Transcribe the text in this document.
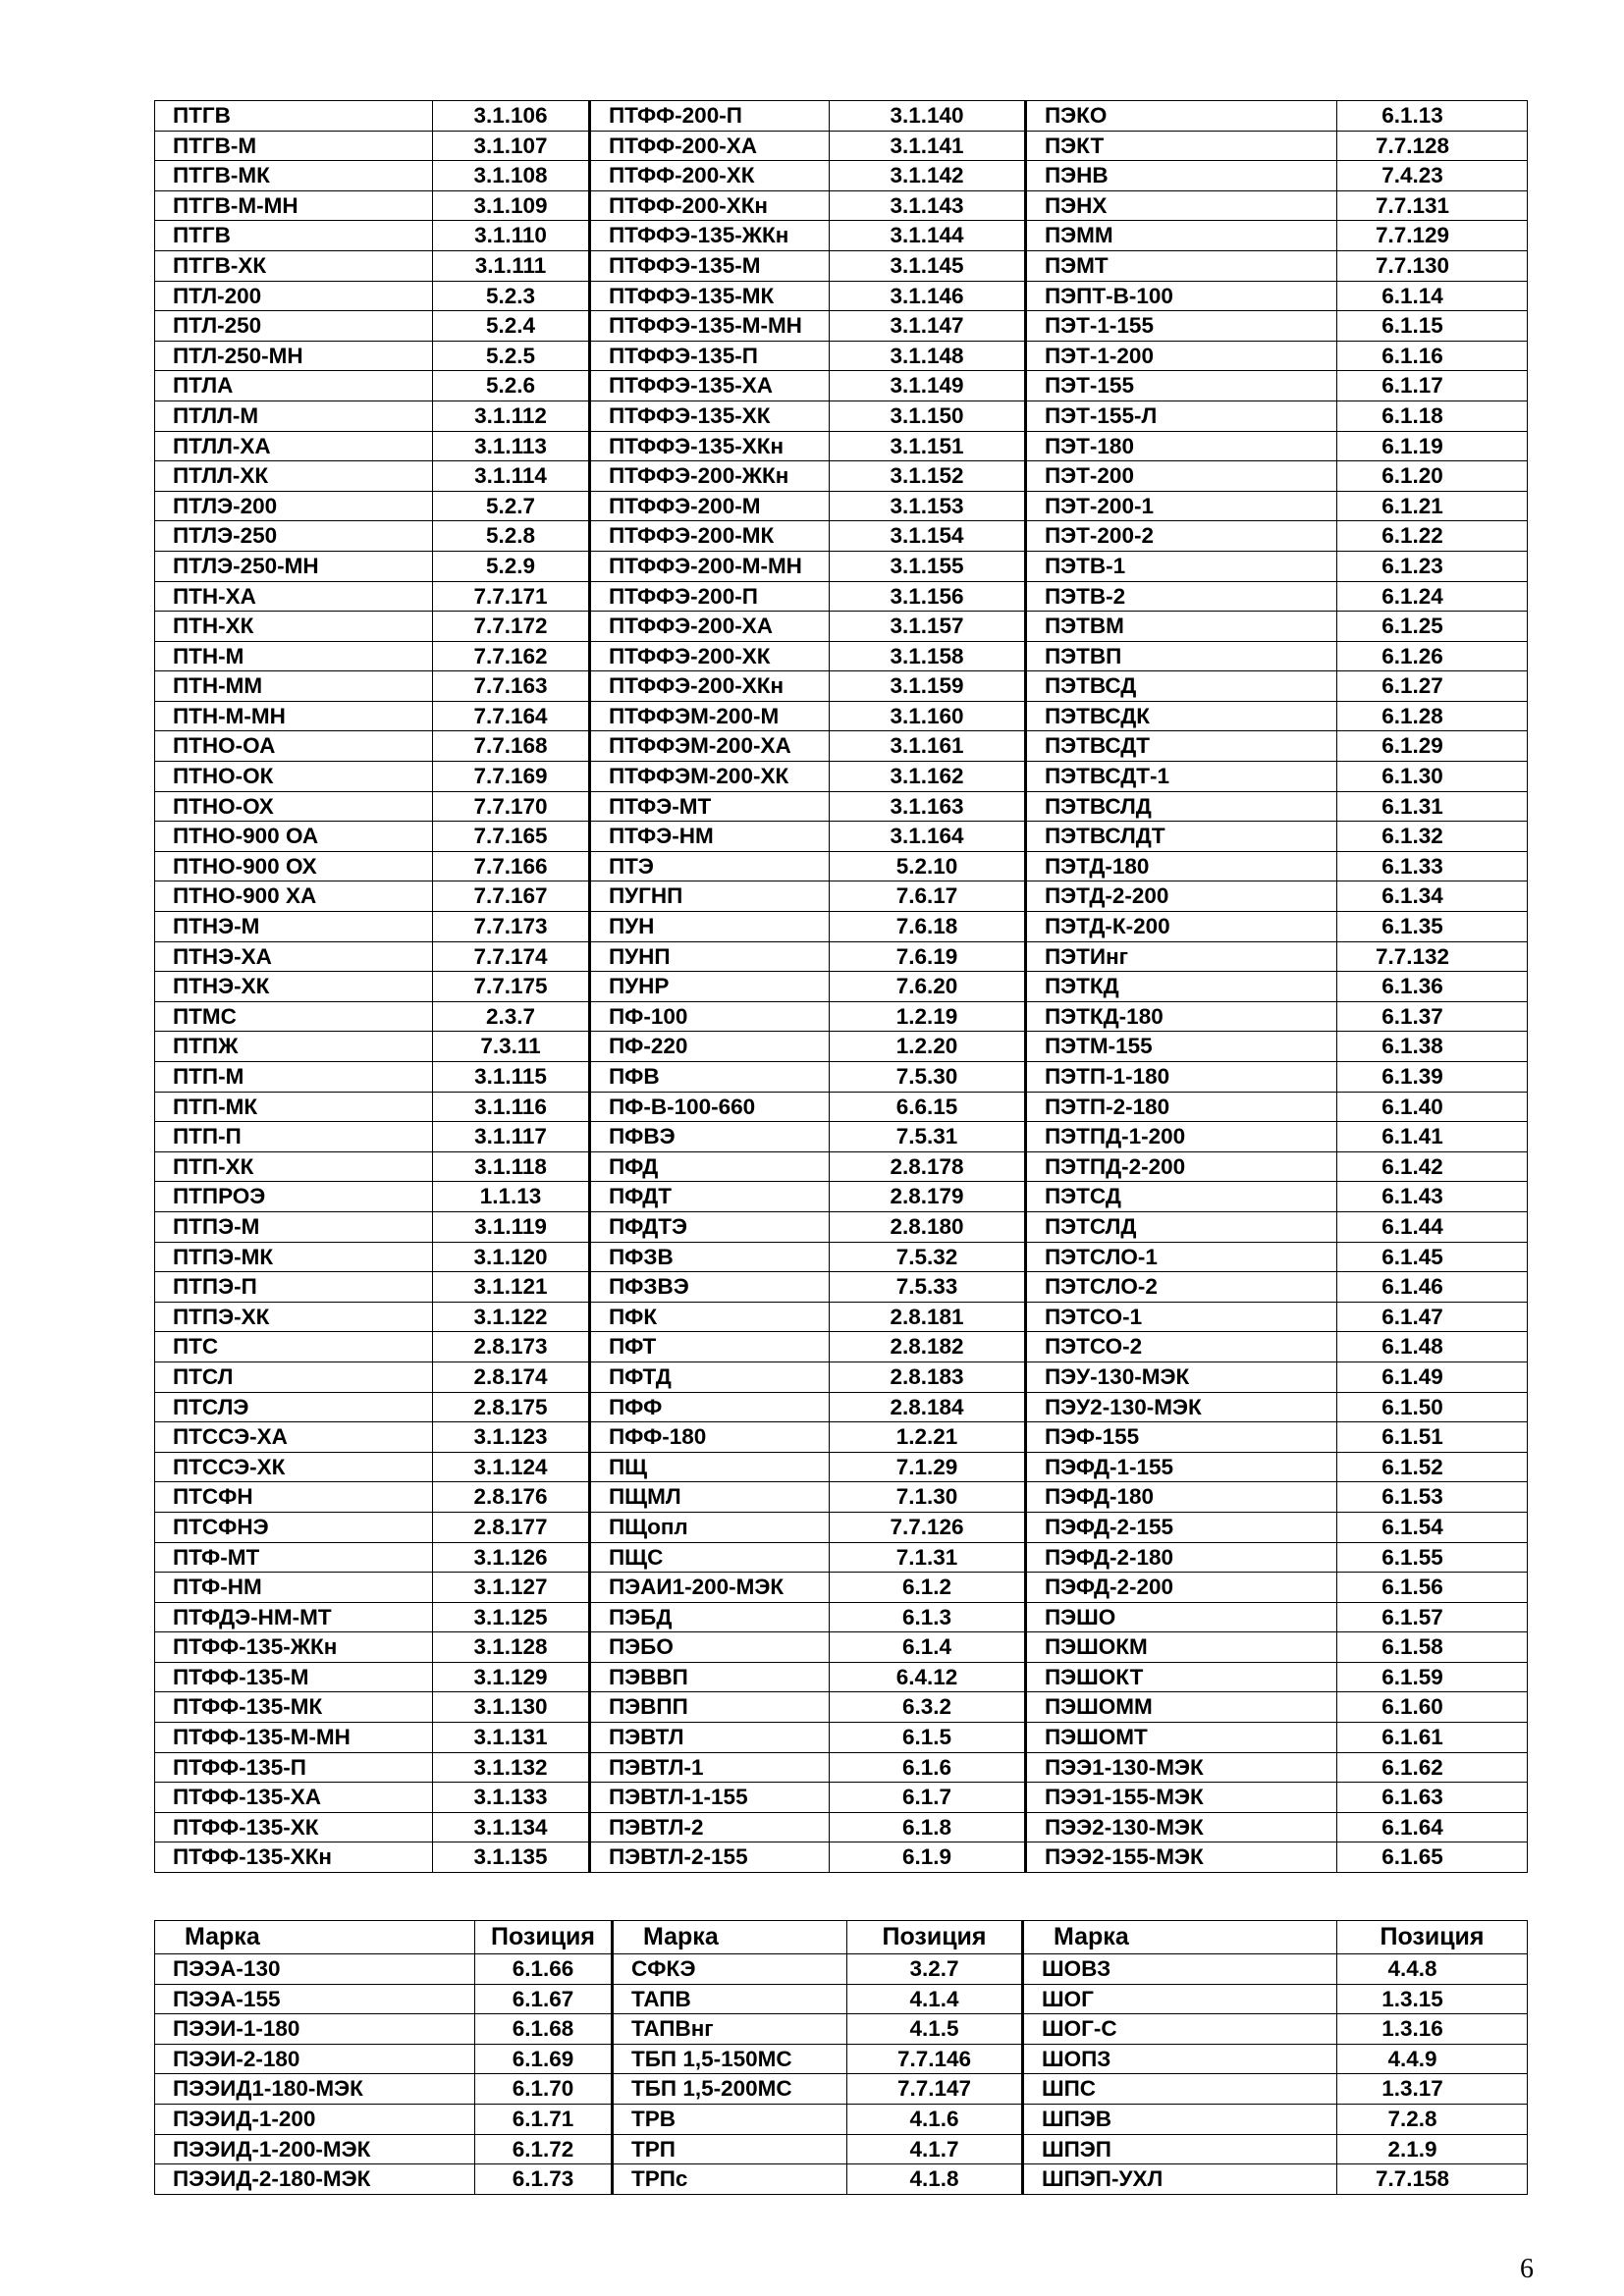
ПТГВ	3.1.106	ПТФФ-200-П	3.1.140	ПЭКО	6.1.13
ПТГВ-М	3.1.107	ПТФФ-200-ХА	3.1.141	ПЭКТ	7.7.128
ПТГВ-МК	3.1.108	ПТФФ-200-ХК	3.1.142	ПЭНВ	7.4.23
ПТГВ-М-МН	3.1.109	ПТФФ-200-ХКн	3.1.143	ПЭНХ	7.7.131
ПТГВ	3.1.110	ПТФФЭ-135-ЖКн	3.1.144	ПЭММ	7.7.129
ПТГВ-ХК	3.1.111	ПТФФЭ-135-М	3.1.145	ПЭМТ	7.7.130
ПТЛ-200	5.2.3	ПТФФЭ-135-МК	3.1.146	ПЭПТ-В-100	6.1.14
ПТЛ-250	5.2.4	ПТФФЭ-135-М-МН	3.1.147	ПЭТ-1-155	6.1.15
ПТЛ-250-МН	5.2.5	ПТФФЭ-135-П	3.1.148	ПЭТ-1-200	6.1.16
ПТЛА	5.2.6	ПТФФЭ-135-ХА	3.1.149	ПЭТ-155	6.1.17
ПТЛЛ-М	3.1.112	ПТФФЭ-135-ХК	3.1.150	ПЭТ-155-Л	6.1.18
ПТЛЛ-ХА	3.1.113	ПТФФЭ-135-ХКн	3.1.151	ПЭТ-180	6.1.19
ПТЛЛ-ХК	3.1.114	ПТФФЭ-200-ЖКн	3.1.152	ПЭТ-200	6.1.20
ПТЛЭ-200	5.2.7	ПТФФЭ-200-М	3.1.153	ПЭТ-200-1	6.1.21
ПТЛЭ-250	5.2.8	ПТФФЭ-200-МК	3.1.154	ПЭТ-200-2	6.1.22
ПТЛЭ-250-МН	5.2.9	ПТФФЭ-200-М-МН	3.1.155	ПЭТВ-1	6.1.23
ПТН-ХА	7.7.171	ПТФФЭ-200-П	3.1.156	ПЭТВ-2	6.1.24
ПТН-ХК	7.7.172	ПТФФЭ-200-ХА	3.1.157	ПЭТВМ	6.1.25
ПТН-М	7.7.162	ПТФФЭ-200-ХК	3.1.158	ПЭТВП	6.1.26
ПТН-ММ	7.7.163	ПТФФЭ-200-ХКн	3.1.159	ПЭТВСД	6.1.27
ПТН-М-МН	7.7.164	ПТФФЭМ-200-М	3.1.160	ПЭТВСДК	6.1.28
ПТНО-ОА	7.7.168	ПТФФЭМ-200-ХА	3.1.161	ПЭТВСДТ	6.1.29
ПТНО-ОК	7.7.169	ПТФФЭМ-200-ХК	3.1.162	ПЭТВСДТ-1	6.1.30
ПТНО-ОХ	7.7.170	ПТФЭ-МТ	3.1.163	ПЭТВСЛД	6.1.31
ПТНО-900 ОА	7.7.165	ПТФЭ-НМ	3.1.164	ПЭТВСЛДТ	6.1.32
ПТНО-900 ОХ	7.7.166	ПТЭ	5.2.10	ПЭТД-180	6.1.33
ПТНО-900 ХА	7.7.167	ПУГНП	7.6.17	ПЭТД-2-200	6.1.34
ПТНЭ-М	7.7.173	ПУН	7.6.18	ПЭТД-К-200	6.1.35
ПТНЭ-ХА	7.7.174	ПУНП	7.6.19	ПЭТИнг	7.7.132
ПТНЭ-ХК	7.7.175	ПУНР	7.6.20	ПЭТКД	6.1.36
ПТМС	2.3.7	ПФ-100	1.2.19	ПЭТКД-180	6.1.37
ПТПЖ	7.3.11	ПФ-220	1.2.20	ПЭТМ-155	6.1.38
ПТП-М	3.1.115	ПФВ	7.5.30	ПЭТП-1-180	6.1.39
ПТП-МК	3.1.116	ПФ-В-100-660	6.6.15	ПЭТП-2-180	6.1.40
ПТП-П	3.1.117	ПФВЭ	7.5.31	ПЭТПД-1-200	6.1.41
ПТП-ХК	3.1.118	ПФД	2.8.178	ПЭТПД-2-200	6.1.42
ПТПРОЭ	1.1.13	ПФДТ	2.8.179	ПЭТСД	6.1.43
ПТПЭ-М	3.1.119	ПФДТЭ	2.8.180	ПЭТСЛД	6.1.44
ПТПЭ-МК	3.1.120	ПФЗВ	7.5.32	ПЭТСЛО-1	6.1.45
ПТПЭ-П	3.1.121	ПФЗВЭ	7.5.33	ПЭТСЛО-2	6.1.46
ПТПЭ-ХК	3.1.122	ПФК	2.8.181	ПЭТСО-1	6.1.47
ПТС	2.8.173	ПФТ	2.8.182	ПЭТСО-2	6.1.48
ПТСЛ	2.8.174	ПФТД	2.8.183	ПЭУ-130-МЭК	6.1.49
ПТСЛЭ	2.8.175	ПФФ	2.8.184	ПЭУ2-130-МЭК	6.1.50
ПТССЭ-ХА	3.1.123	ПФФ-180	1.2.21	ПЭФ-155	6.1.51
ПТССЭ-ХК	3.1.124	ПЩ	7.1.29	ПЭФД-1-155	6.1.52
ПТСФН	2.8.176	ПЩМЛ	7.1.30	ПЭФД-180	6.1.53
ПТСФНЭ	2.8.177	ПЩопл	7.7.126	ПЭФД-2-155	6.1.54
ПТФ-МТ	3.1.126	ПЩС	7.1.31	ПЭФД-2-180	6.1.55
ПТФ-НМ	3.1.127	ПЭАИ1-200-МЭК	6.1.2	ПЭФД-2-200	6.1.56
ПТФДЭ-НМ-МТ	3.1.125	ПЭБД	6.1.3	ПЭШО	6.1.57
ПТФФ-135-ЖКн	3.1.128	ПЭБО	6.1.4	ПЭШОКМ	6.1.58
ПТФФ-135-М	3.1.129	ПЭВВП	6.4.12	ПЭШОКТ	6.1.59
ПТФФ-135-МК	3.1.130	ПЭВПП	6.3.2	ПЭШОММ	6.1.60
ПТФФ-135-М-МН	3.1.131	ПЭВТЛ	6.1.5	ПЭШОМТ	6.1.61
ПТФФ-135-П	3.1.132	ПЭВТЛ-1	6.1.6	ПЭЭ1-130-МЭК	6.1.62
ПТФФ-135-ХА	3.1.133	ПЭВТЛ-1-155	6.1.7	ПЭЭ1-155-МЭК	6.1.63
ПТФФ-135-ХК	3.1.134	ПЭВТЛ-2	6.1.8	ПЭЭ2-130-МЭК	6.1.64
ПТФФ-135-ХКн	3.1.135	ПЭВТЛ-2-155	6.1.9	ПЭЭ2-155-МЭК	6.1.65
Марка	Позиция	Марка	Позиция	Марка	Позиция
ПЭЭА-130	6.1.66	СФКЭ	3.2.7	ШОВЗ	4.4.8
ПЭЭА-155	6.1.67	ТАПВ	4.1.4	ШОГ	1.3.15
ПЭЭИ-1-180	6.1.68	ТАПВнг	4.1.5	ШОГ-С	1.3.16
ПЭЭИ-2-180	6.1.69	ТБП 1,5-150МС	7.7.146	ШОПЗ	4.4.9
ПЭЭИД1-180-МЭК	6.1.70	ТБП 1,5-200МС	7.7.147	ШПС	1.3.17
ПЭЭИД-1-200	6.1.71	ТРВ	4.1.6	ШПЭВ	7.2.8
ПЭЭИД-1-200-МЭК	6.1.72	ТРП	4.1.7	ШПЭП	2.1.9
ПЭЭИД-2-180-МЭК	6.1.73	ТРПс	4.1.8	ШПЭП-УХЛ	7.7.158
6
